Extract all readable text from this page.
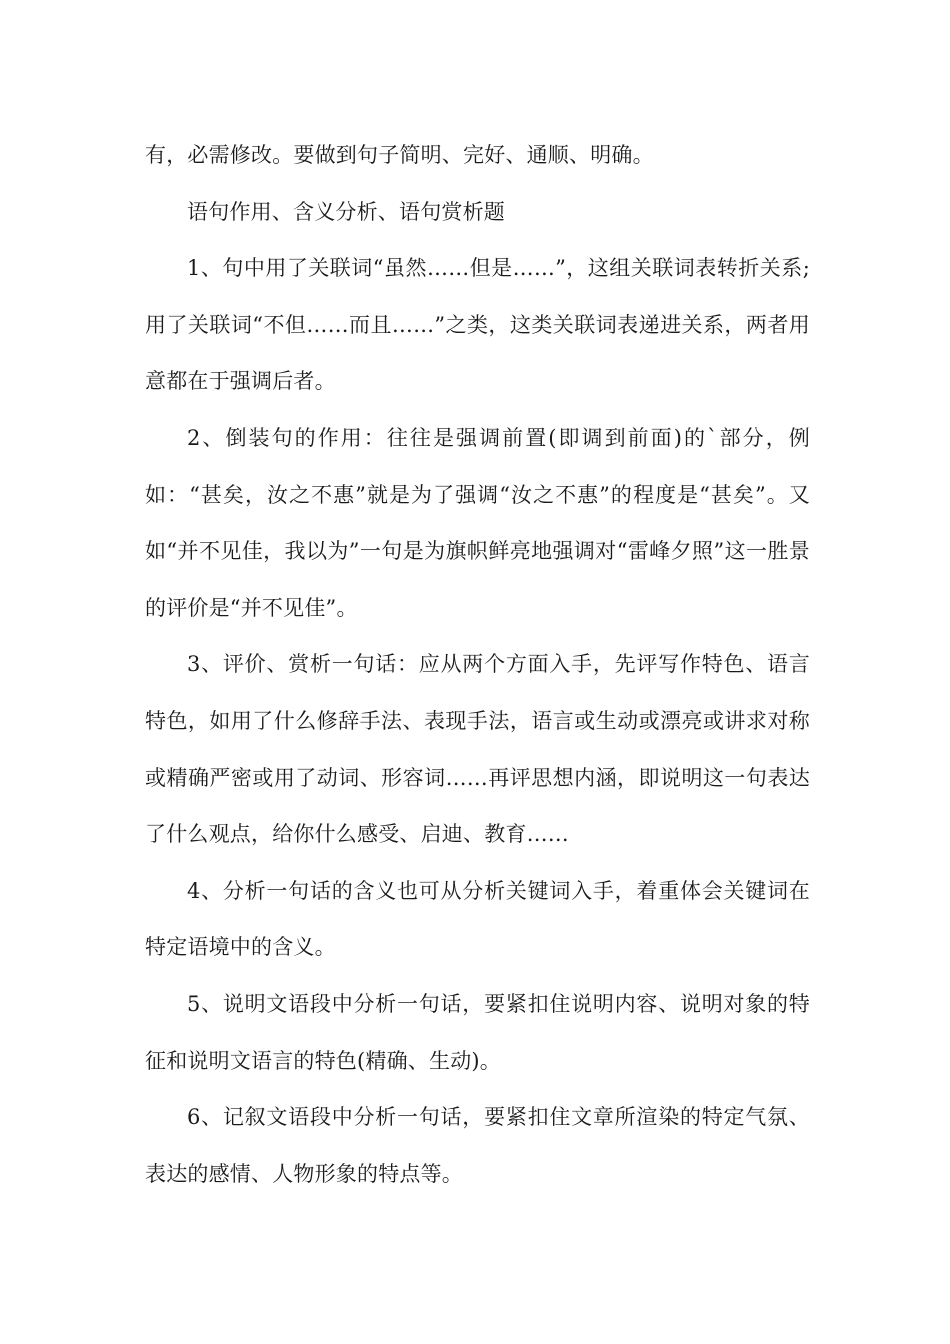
有，必需修改。要做到句子简明、完好、通顺、明确。

语句作用、含义分析、语句赏析题

1、句中用了关联词“虽然……但是……”，这组关联词表转折关系;用了关联词“不但……而且……”之类，这类关联词表递进关系，两者用意都在于强调后者。

2、倒装句的作用：往往是强调前置(即调到前面)的`部分，例如：“甚矣，汝之不惠”就是为了强调“汝之不惠”的程度是“甚矣”。又如“并不见佳，我以为”一句是为旗帜鲜亮地强调对“雷峰夕照”这一胜景的评价是“并不见佳”。

3、评价、赏析一句话：应从两个方面入手，先评写作特色、语言特色，如用了什么修辞手法、表现手法，语言或生动或漂亮或讲求对称或精确严密或用了动词、形容词……再评思想内涵，即说明这一句表达了什么观点，给你什么感受、启迪、教育……

4、分析一句话的含义也可从分析关键词入手，着重体会关键词在特定语境中的含义。

5、说明文语段中分析一句话，要紧扣住说明内容、说明对象的特征和说明文语言的特色(精确、生动)。

6、记叙文语段中分析一句话，要紧扣住文章所渲染的特定气氛、表达的感情、人物形象的特点等。
